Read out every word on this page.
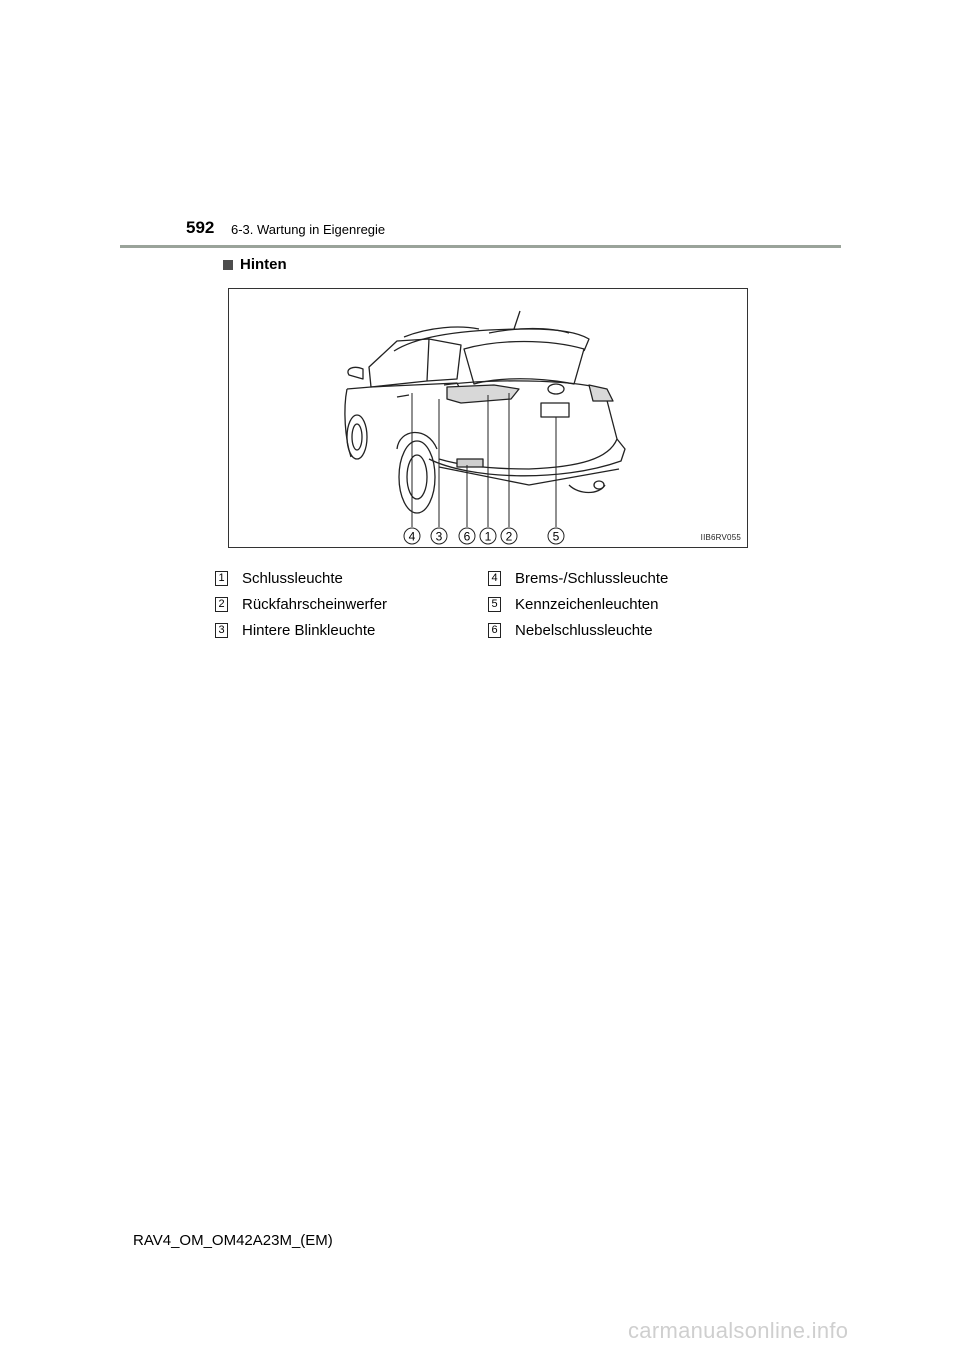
592 6-3. Wartung in Eigenregie
Hinten
4 3 6 1 2	5	IIB6RV055
1 Schlussleuchte
2 Rückfahrscheinwerfer
3 Hintere Blinkleuchte
4 Brems-/Schlussleuchte
5 Kennzeichenleuchten
6 Nebelschlussleuchte
RAV4_OM_OM42A23M_(EM)
carmanualsonline.info
